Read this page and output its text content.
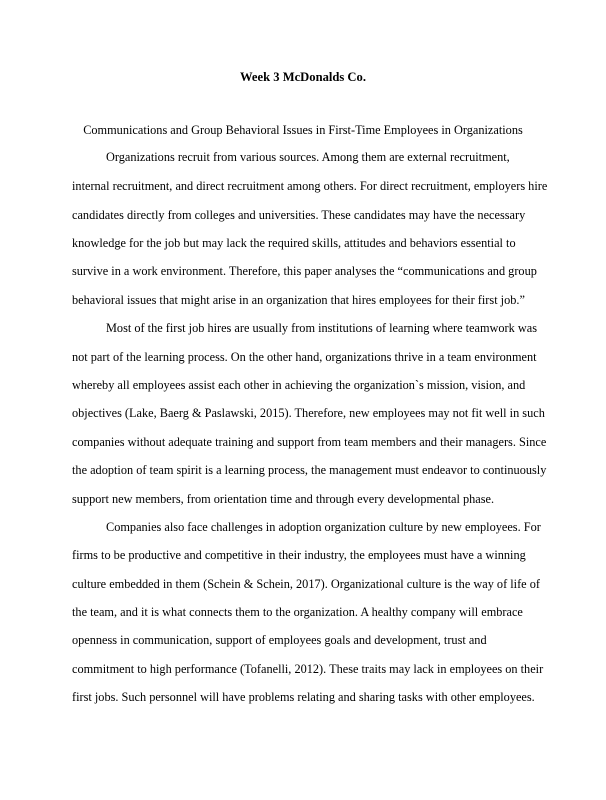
Week 3 McDonalds Co.
Communications and Group Behavioral Issues in First-Time Employees in Organizations
Organizations recruit from various sources. Among them are external recruitment,
internal recruitment, and direct recruitment among others. For direct recruitment, employers hire
candidates directly from colleges and universities. These candidates may have the necessary
knowledge for the job but may lack the required skills, attitudes and behaviors essential to
survive in a work environment. Therefore, this paper analyses the “communications and group
behavioral issues that might arise in an organization that hires employees for their first job.”
Most of the first job hires are usually from institutions of learning where teamwork was
not part of the learning process. On the other hand, organizations thrive in a team environment
whereby all employees assist each other in achieving the organization`s mission, vision, and
objectives (Lake, Baerg & Paslawski, 2015). Therefore, new employees may not fit well in such
companies without adequate training and support from team members and their managers. Since
the adoption of team spirit is a learning process, the management must endeavor to continuously
support new members, from orientation time and through every developmental phase.
Companies also face challenges in adoption organization culture by new employees. For
firms to be productive and competitive in their industry, the employees must have a winning
culture embedded in them (Schein & Schein, 2017). Organizational culture is the way of life of
the team, and it is what connects them to the organization. A healthy company will embrace
openness in communication, support of employees goals and development, trust and
commitment to high performance (Tofanelli, 2012). These traits may lack in employees on their
first jobs. Such personnel will have problems relating and sharing tasks with other employees.
